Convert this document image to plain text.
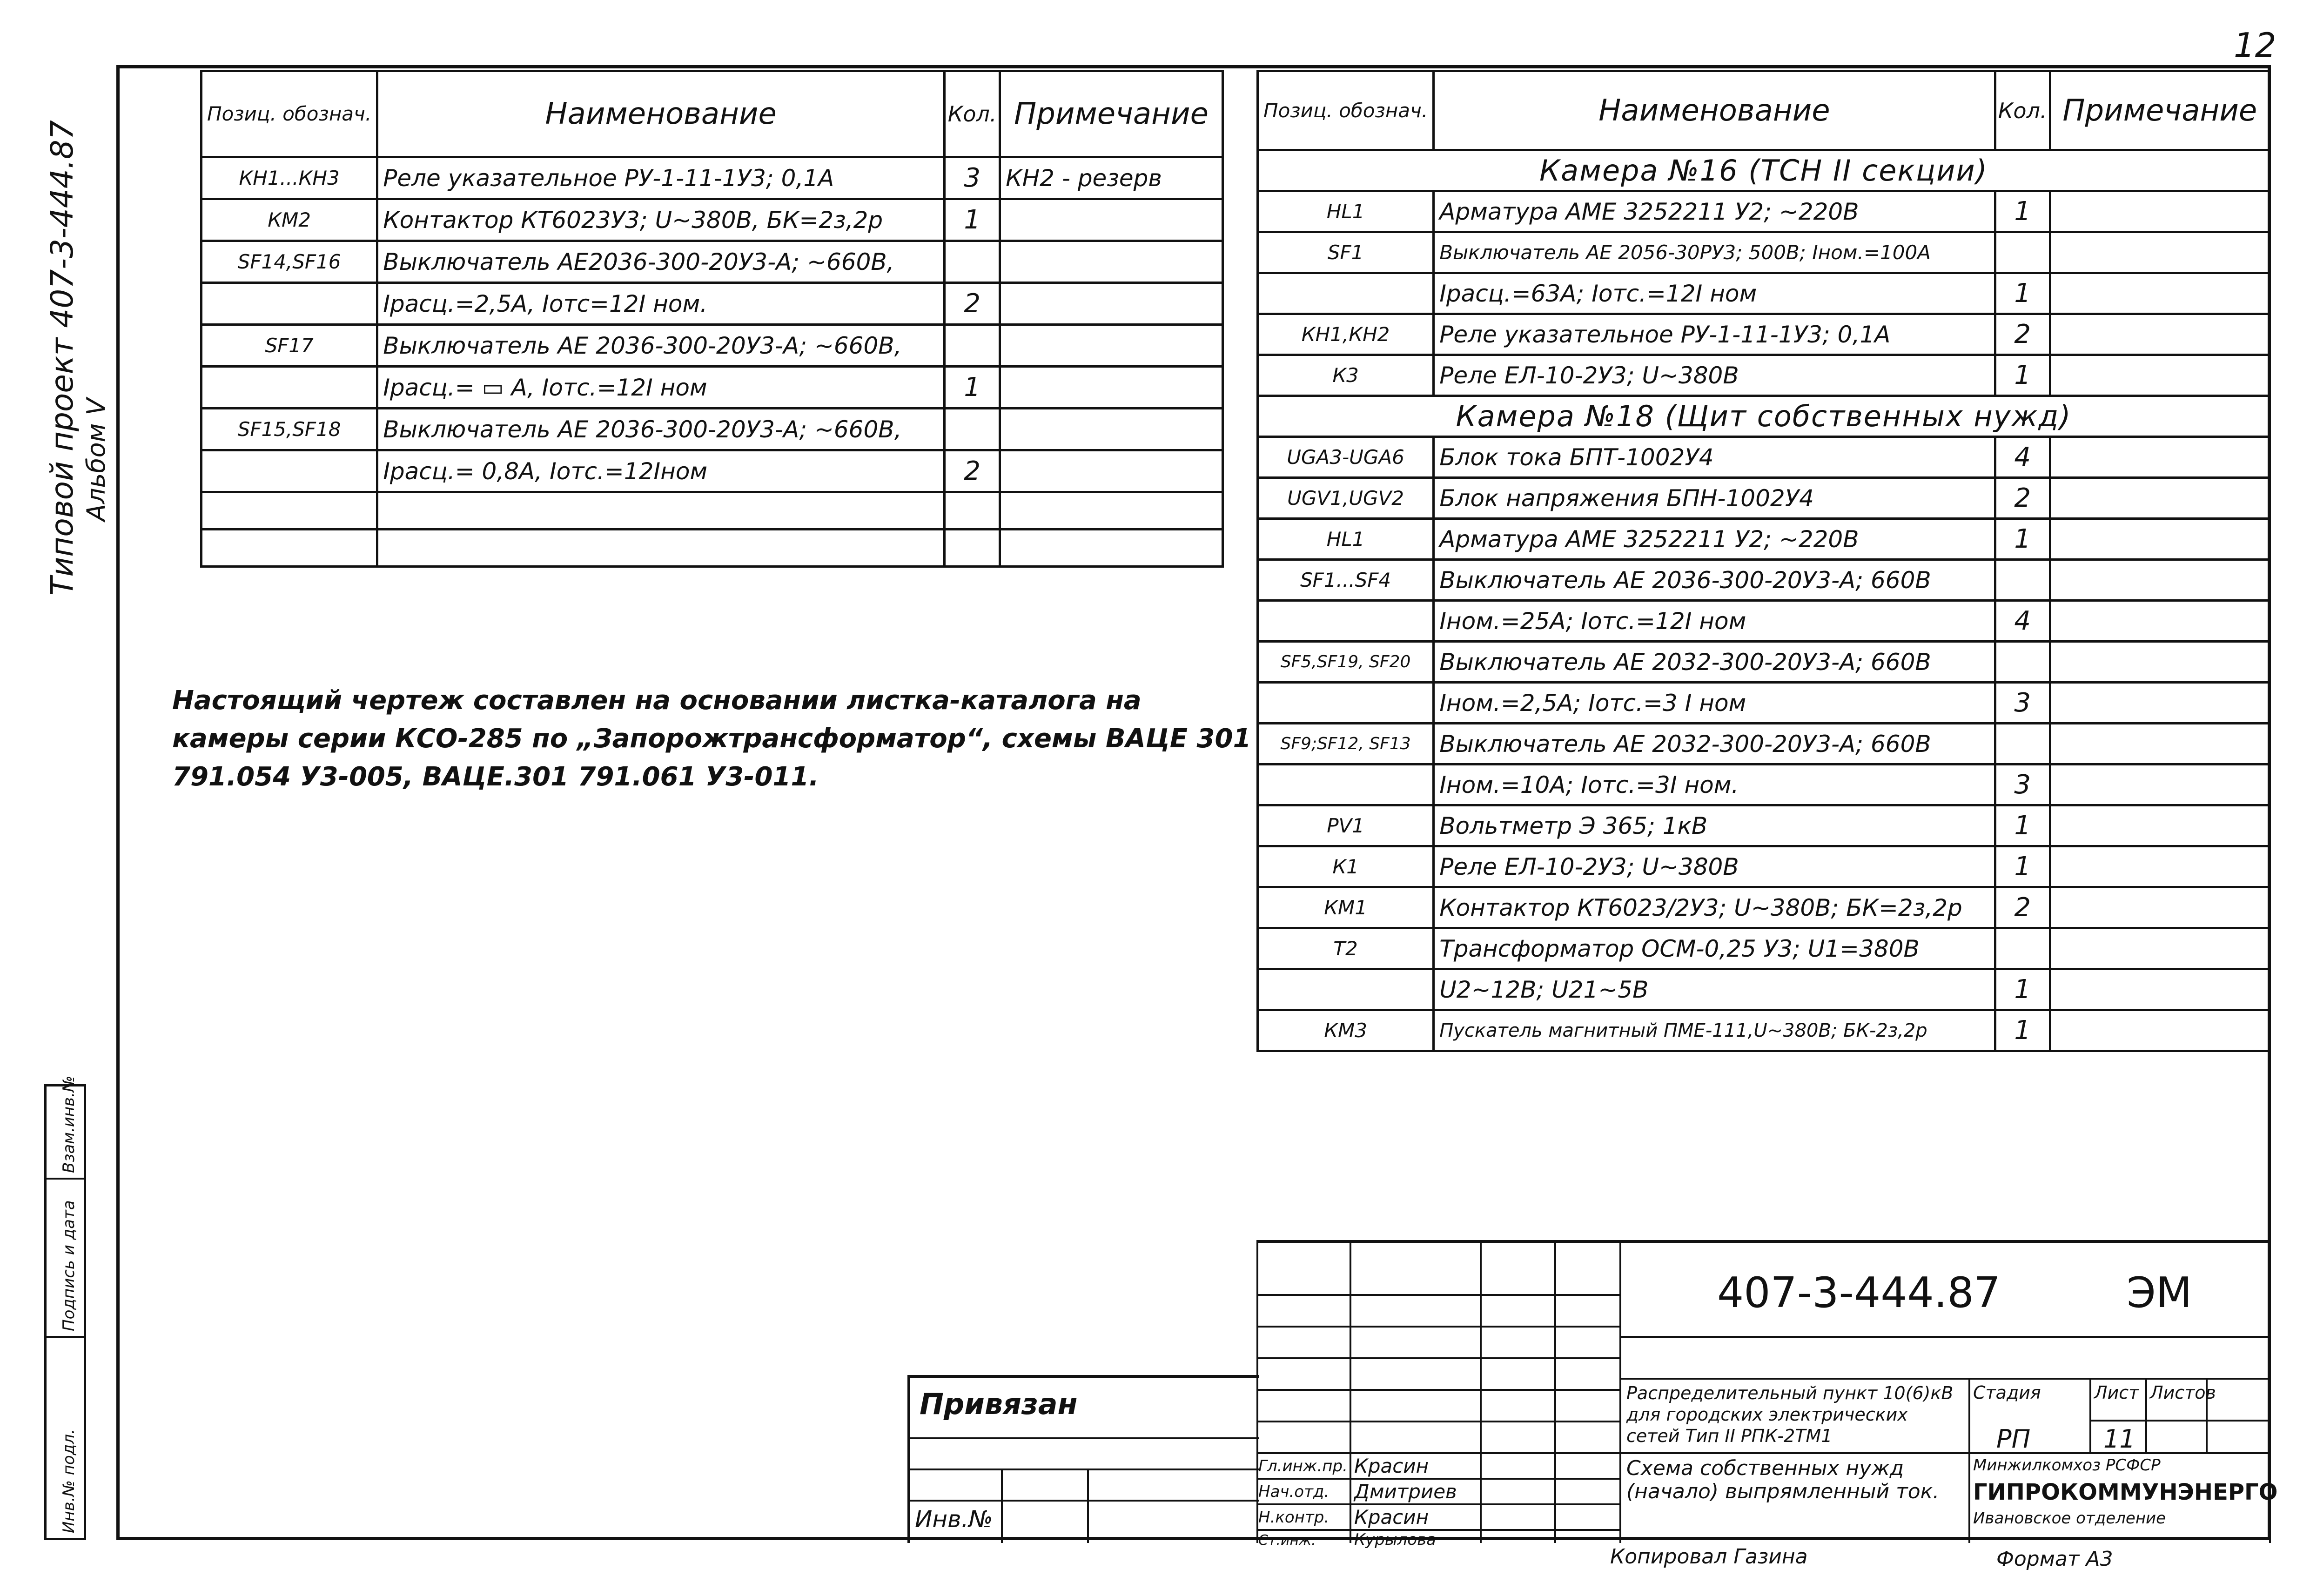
12
Типовой проект 407-3-444.87 Альбом V
Взам.инв.№
Подпись и дата
Инв.№ подл.
Позиц. обознач.	Наименование	Кол.	Примечание
КН1...КН3	Реле указательное РУ-1-11-1У3; 0,1А	3	КН2 - резерв
КМ2	Контактор КТ6023У3; U~380В, БК=2з,2р	1	
SF14,SF16	Выключатель АЕ2036-300-20У3-А; ~660В,		
	Iрасц.=2,5А, Iотс=12I ном.	2	
SF17	Выключатель АЕ 2036-300-20У3-А; ~660В,		
	Iрасц.= ▭ А, Iотс.=12I ном	1	
SF15,SF18	Выключатель АЕ 2036-300-20У3-А; ~660В,		
	Iрасц.= 0,8А, Iотс.=12Iном	2	

Позиц. обознач.	Наименование	Кол.	Примечание
Камера №16 (ТСН II секции)			
HL1	Арматура АМЕ 3252211 У2; ~220В	1	
SF1	Выключатель АЕ 2056-30РУ3; 500В; Iном.=100А		
	Iрасц.=63А; Iотс.=12I ном	1	
КН1,КН2	Реле указательное РУ-1-11-1У3; 0,1А	2	
К3	Реле ЕЛ-10-2У3; U~380В	1	
Камера №18 (Щит собственных нужд)			
UGA3-UGA6	Блок тока БПТ-1002У4	4	
UGV1,UGV2	Блок напряжения БПН-1002У4	2	
HL1	Арматура АМЕ 3252211 У2; ~220В	1	
SF1...SF4	Выключатель АЕ 2036-300-20У3-А; 660В		
	Iном.=25А; Iотс.=12I ном	4	
SF5,SF19, SF20	Выключатель АЕ 2032-300-20У3-А; 660В		
	Iном.=2,5А; Iотс.=3 I ном	3	
SF9;SF12, SF13	Выключатель АЕ 2032-300-20У3-А; 660В		
	Iном.=10А; Iотс.=3I ном.	3	
PV1	Вольтметр Э 365; 1кВ	1	
К1	Реле ЕЛ-10-2У3; U~380В	1	
КМ1	Контактор КТ6023/2У3; U~380В; БК=2з,2р	2	
Т2	Трансформатор ОСМ-0,25 У3; U1=380В		
	U2~12В; U21~5В	1	
КМ3	Пускатель магнитный ПМЕ-111,U~380В; БК-2з,2р	1	
Настоящий чертеж составлен на основании листка-каталога на камеры серии КСО-285 по „Запорожтрансформатор“, схемы ВАЦЕ 301 791.054 У3-005, ВАЦЕ.301 791.061 У3-011.
Привязан
Инв.№
407-3-444.87	ЭМ
Гл.инж.пр.
Нач.отд.
Н.контр.
Ст.инж.
Красин
Дмитриев
Красин
Курылова
Распределительный пункт 10(6)кВ для городских электрических сетей Тип II РПК-2ТМ1
Схема собственных нужд (начало) выпрямленный ток.
Стадия	Лист Листов
РП	11
Минжилкомхоз РСФСР
ГИПРОКОММУНЭНЕРГО
Ивановское отделение
Копировал Газина	Формат А3
